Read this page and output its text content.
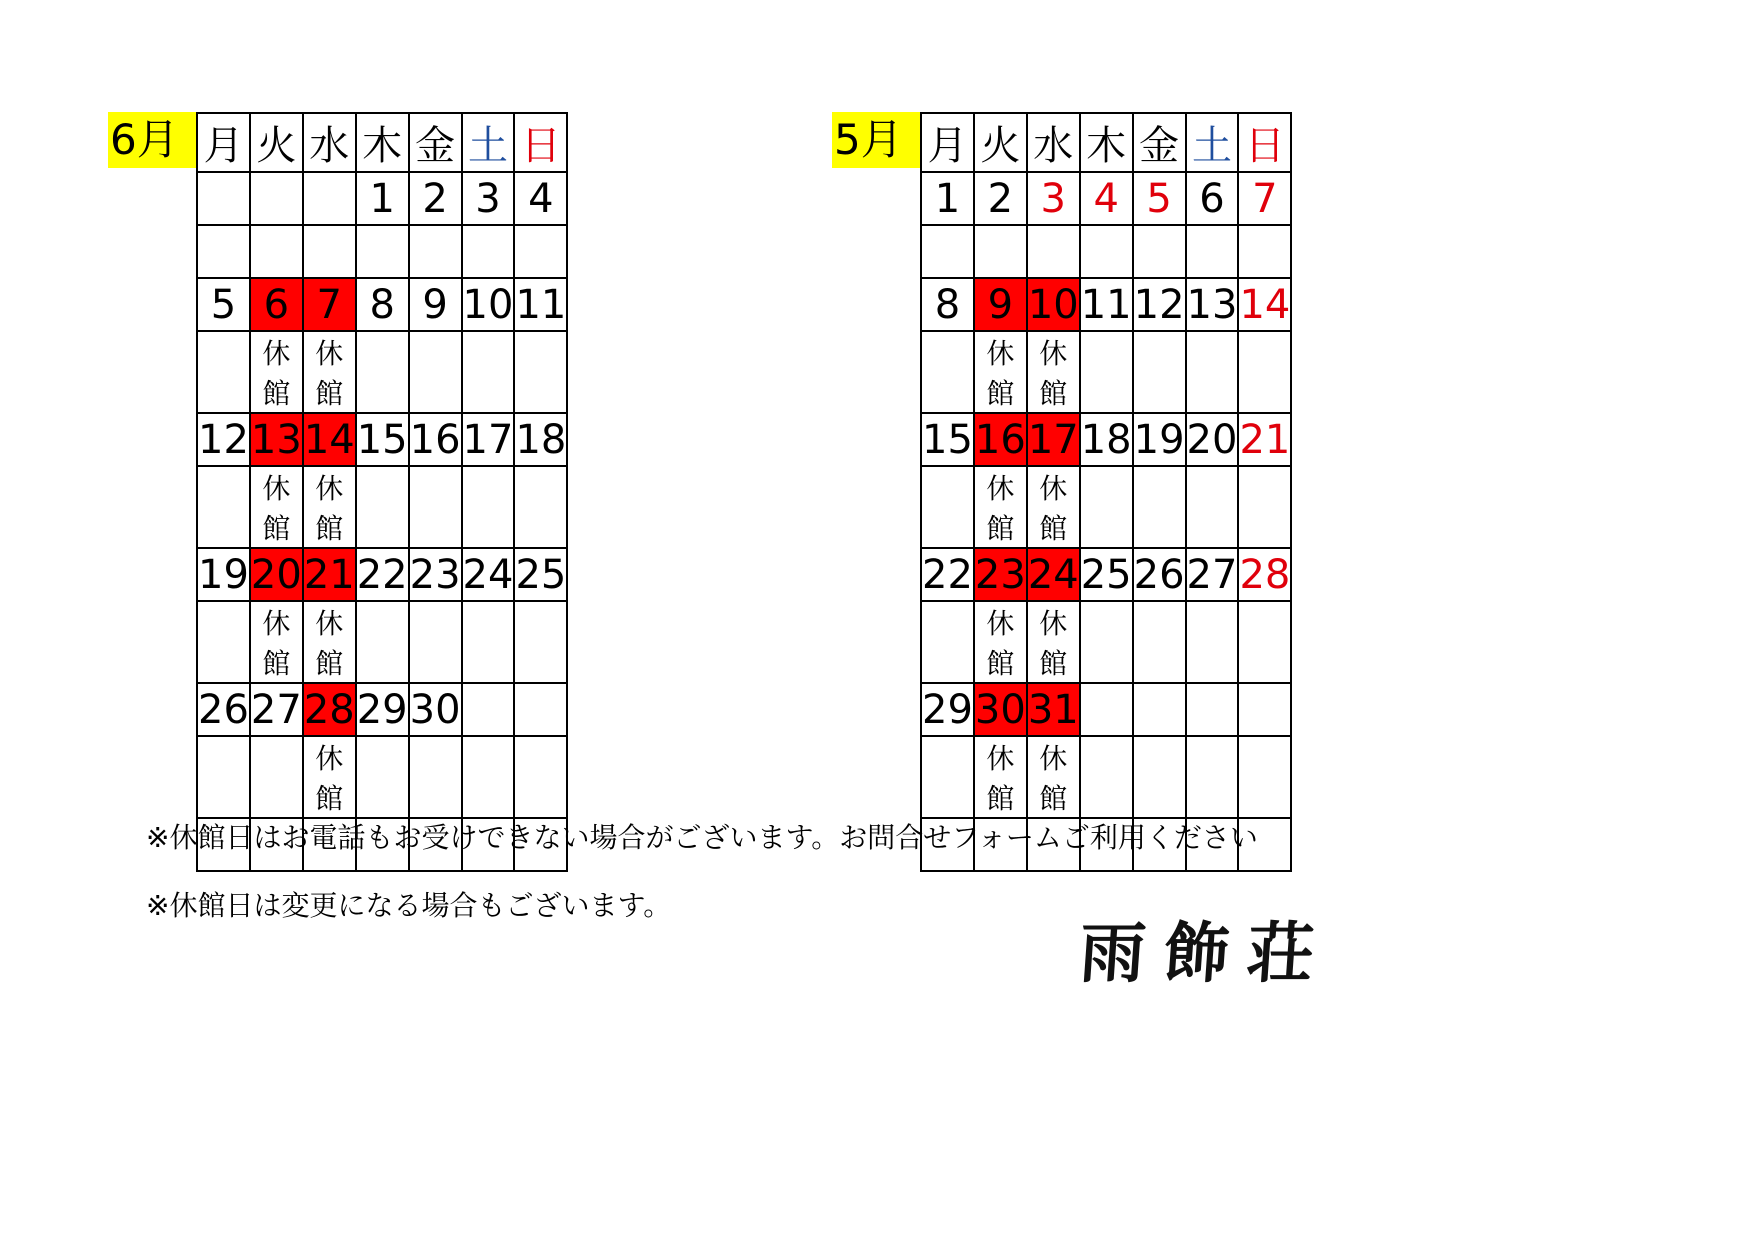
6月 月	火	水	木	金	土	日
			1	2	3	4

5	6	7	8	9	10	11
	休館	休館				
12	13	14	15	16	17	18
	休館	休館				
19	20	21	22	23	24	25
	休館	休館				
26	27	28	29	30		
		休館				

5月 月	火	水	木	金	土	日
1	2	3	4	5	6	7

8	9	10	11	12	13	14
	休館	休館				
15	16	17	18	19	20	21
	休館	休館				
22	23	24	25	26	27	28
	休館	休館				
29	30	31				
	休館	休館				

※休館日はお電話もお受けできない場合がございます。お問合せフォームご利用ください
※休館日は変更になる場合もございます。
雨飾荘
